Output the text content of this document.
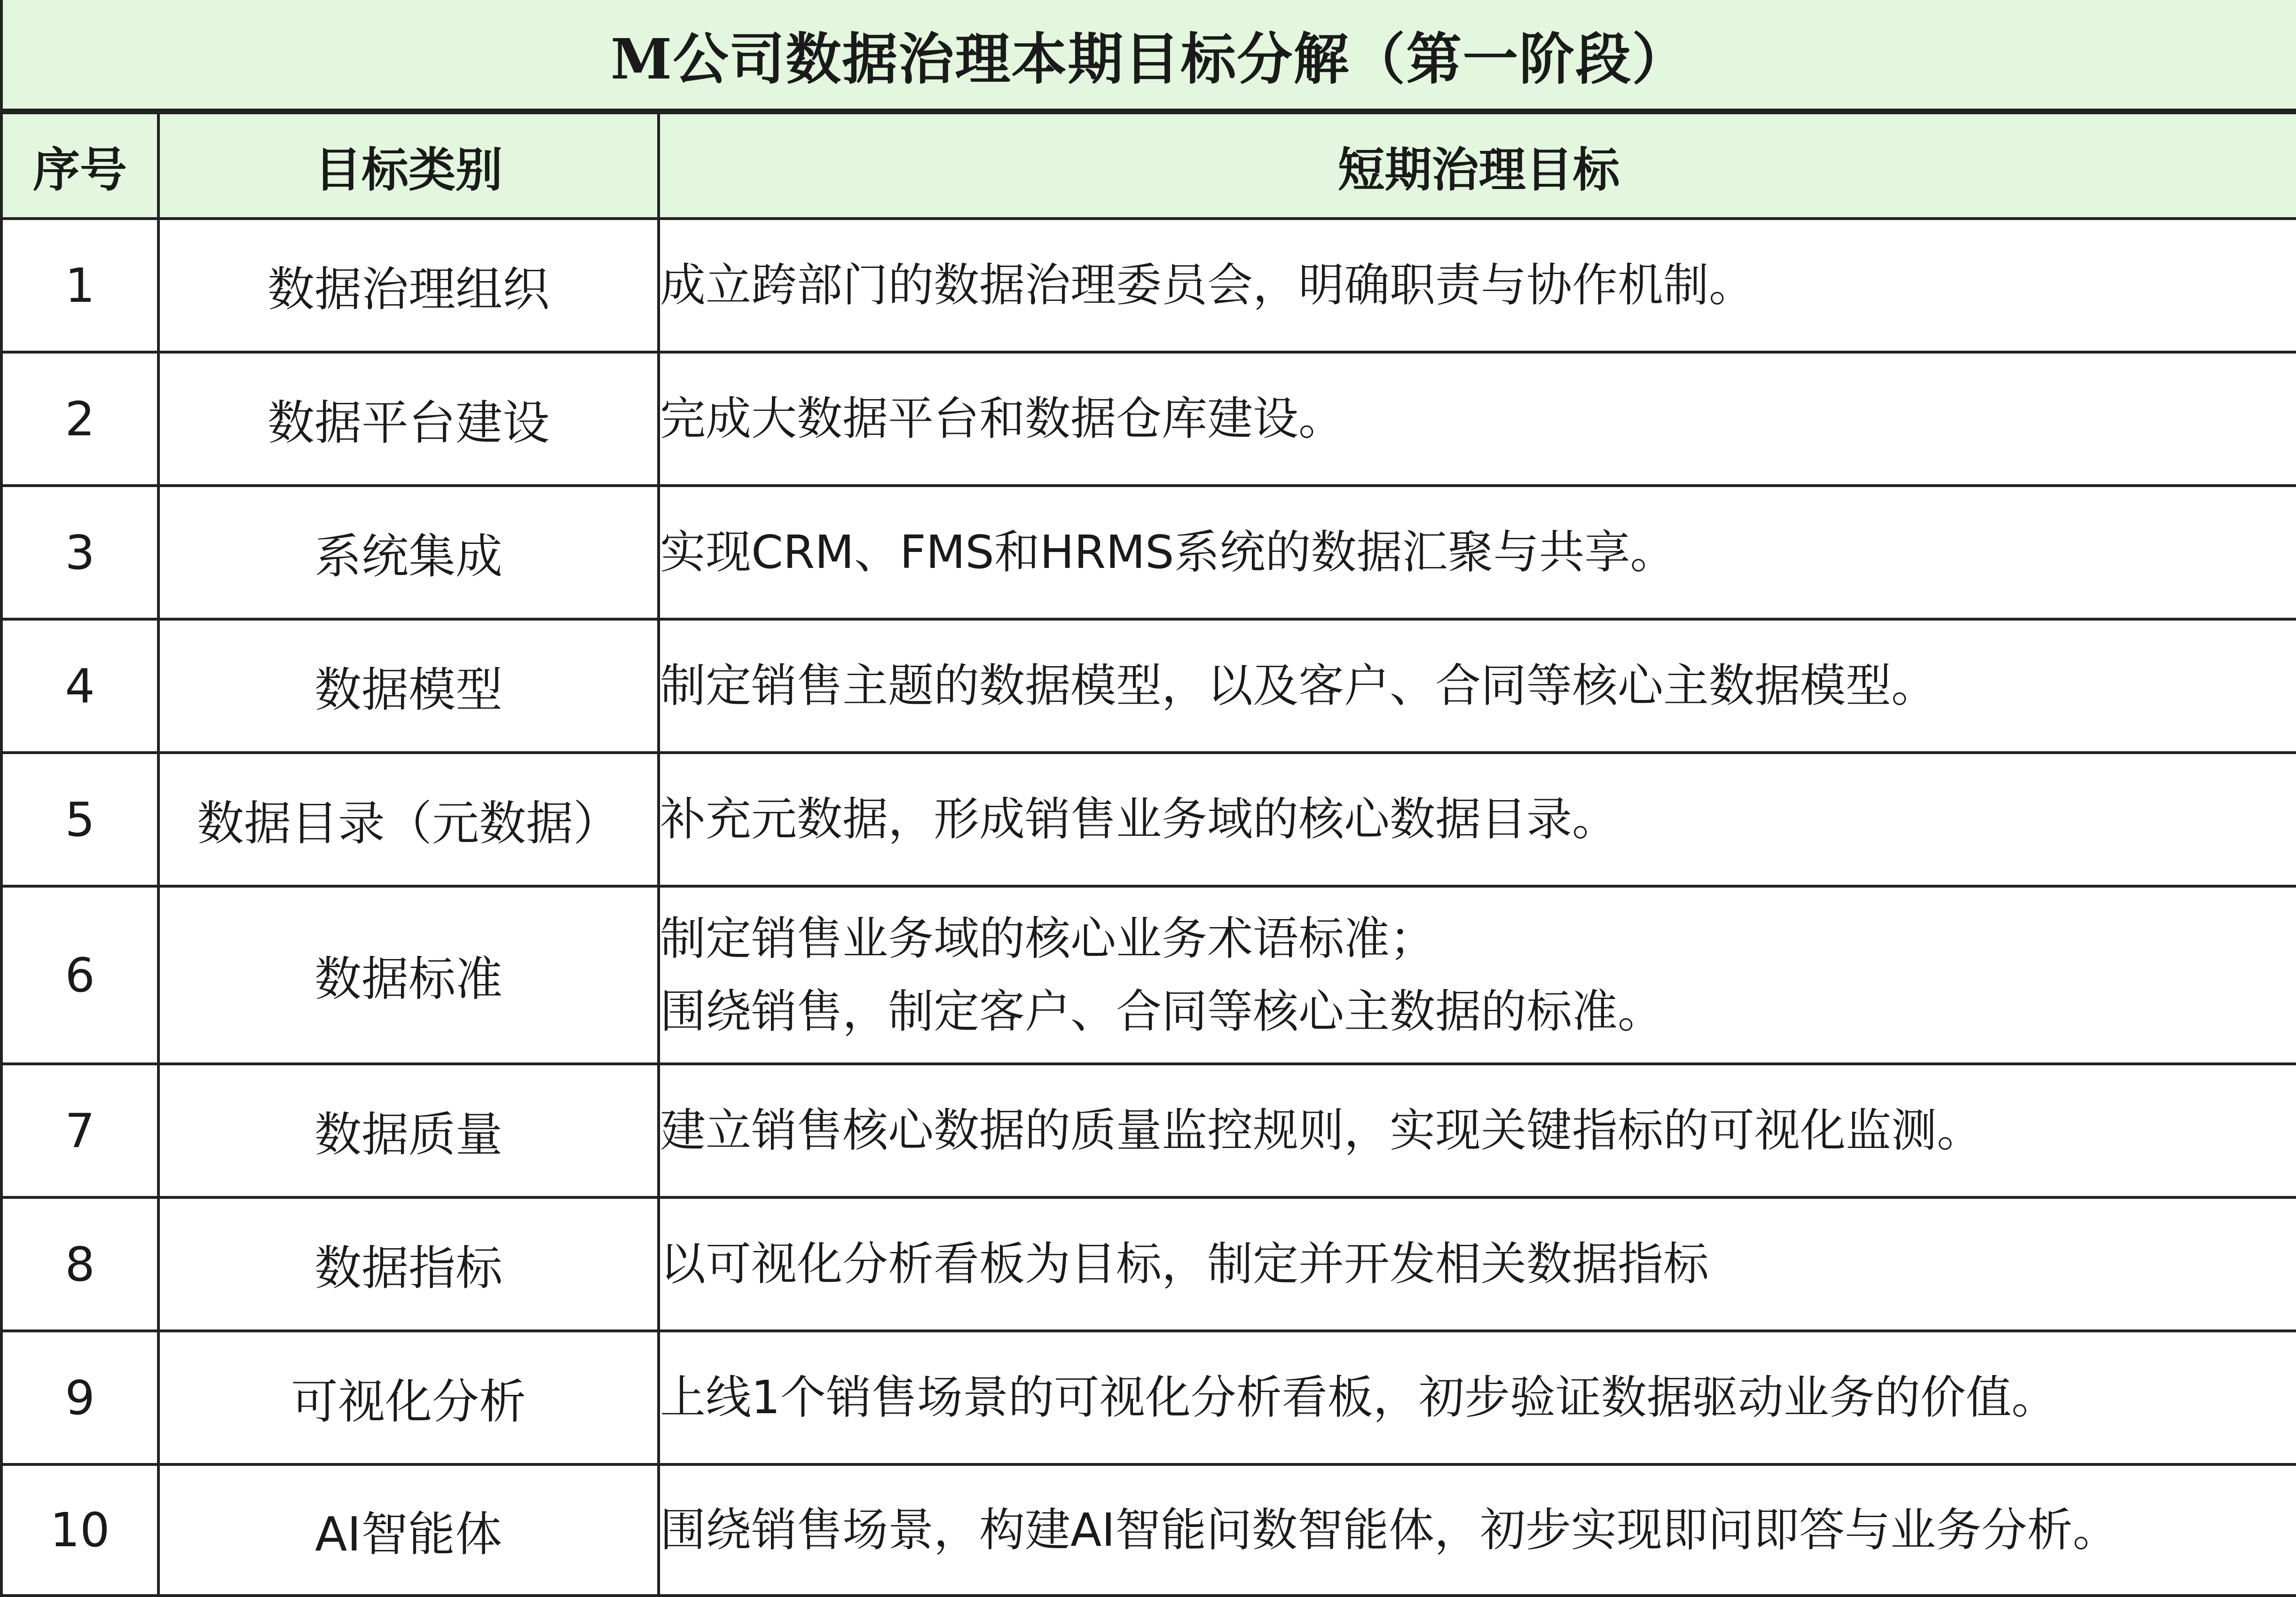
M公司数据治理本期目标分解（第一阶段）
序号	目标类别	短期治理目标
1	数据治理组织	成立跨部门的数据治理委员会，明确职责与协作机制。

2	数据平台建设	完成大数据平台和数据仓库建设。

3	系统集成	实现CRM、FMS和HRMS系统的数据汇聚与共享。

4	数据模型	制定销售主题的数据模型，以及客户、合同等核心主数据模型。

5	数据目录（元数据）	补充元数据，形成销售业务域的核心数据目录。

6	数据标准	制定销售业务域的核心业务术语标准；
围绕销售，制定客户、合同等核心主数据的标准。

7	数据质量	建立销售核心数据的质量监控规则，实现关键指标的可视化监测。

8	数据指标	以可视化分析看板为目标，制定并开发相关数据指标

9	可视化分析	上线1个销售场景的可视化分析看板，初步验证数据驱动业务的价值。

10	AI智能体	围绕销售场景，构建AI智能问数智能体，初步实现即问即答与业务分析。
